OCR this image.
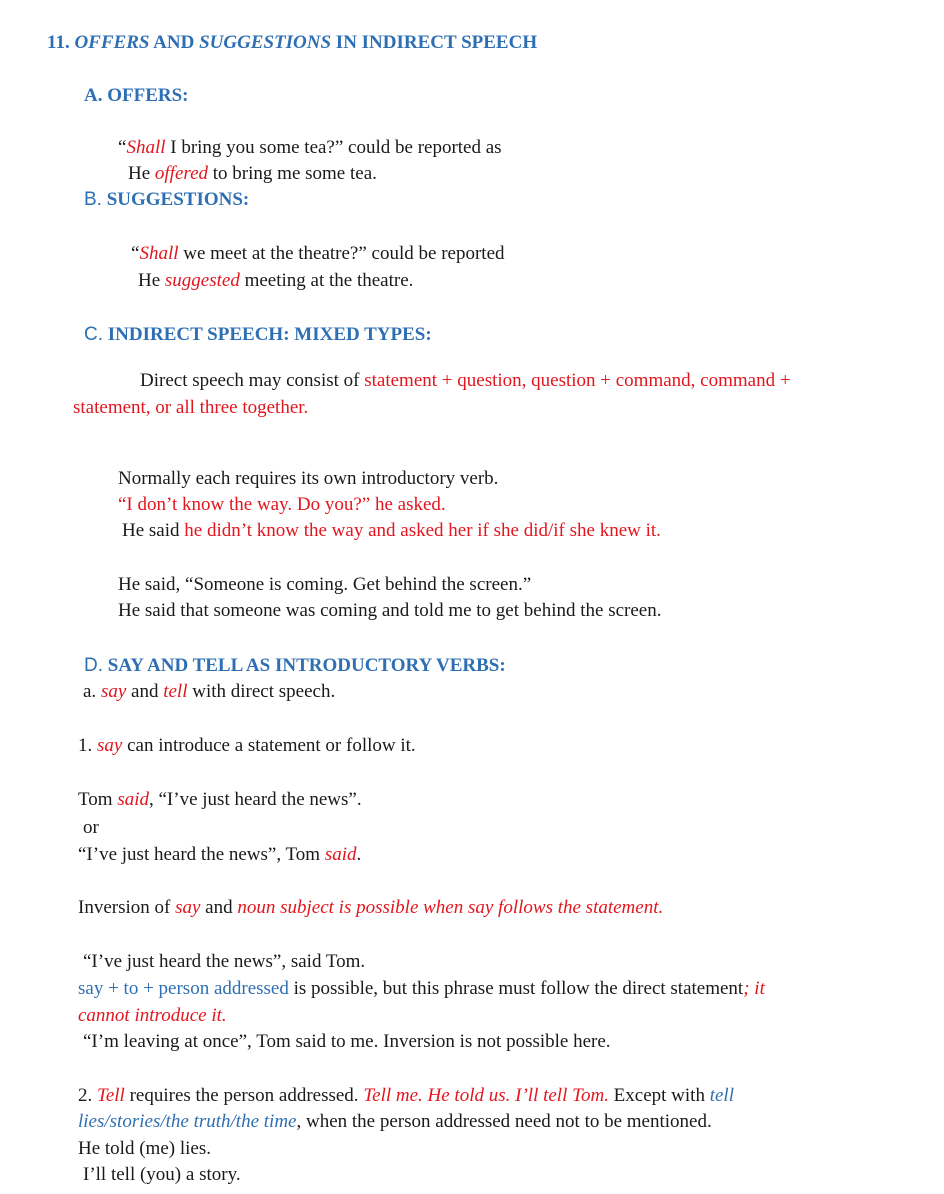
11. OFFERS AND SUGGESTIONS IN INDIRECT SPEECH
A. OFFERS:
“Shall I bring you some tea?” could be reported as
He offered to bring me some tea.
B. SUGGESTIONS:
“Shall we meet at the theatre?” could be reported
He suggested meeting at the theatre.
C. INDIRECT SPEECH: MIXED TYPES:
Direct speech may consist of statement + question, question + command, command +
statement, or all three together.
Normally each requires its own introductory verb.
“I don’t know the way. Do you?” he asked.
He said he didn’t know the way and asked her if she did/if she knew it.
He said, “Someone is coming. Get behind the screen.”
He said that someone was coming and told me to get behind the screen.
D. SAY AND TELL AS INTRODUCTORY VERBS:
a. say and tell with direct speech.
1. say can introduce a statement or follow it.
Tom said, “I’ve just heard the news”.
or
“I’ve just heard the news”, Tom said.
Inversion of say and noun subject is possible when say follows the statement.
“I’ve just heard the news”, said Tom.
say + to + person addressed is possible, but this phrase must follow the direct statement; it
cannot introduce it.
“I’m leaving at once”, Tom said to me. Inversion is not possible here.
2. Tell requires the person addressed. Tell me. He told us. I’ll tell Tom. Except with tell
lies/stories/the truth/the time, when the person addressed need not to be mentioned.
He told (me) lies.
I’ll tell (you) a story.
